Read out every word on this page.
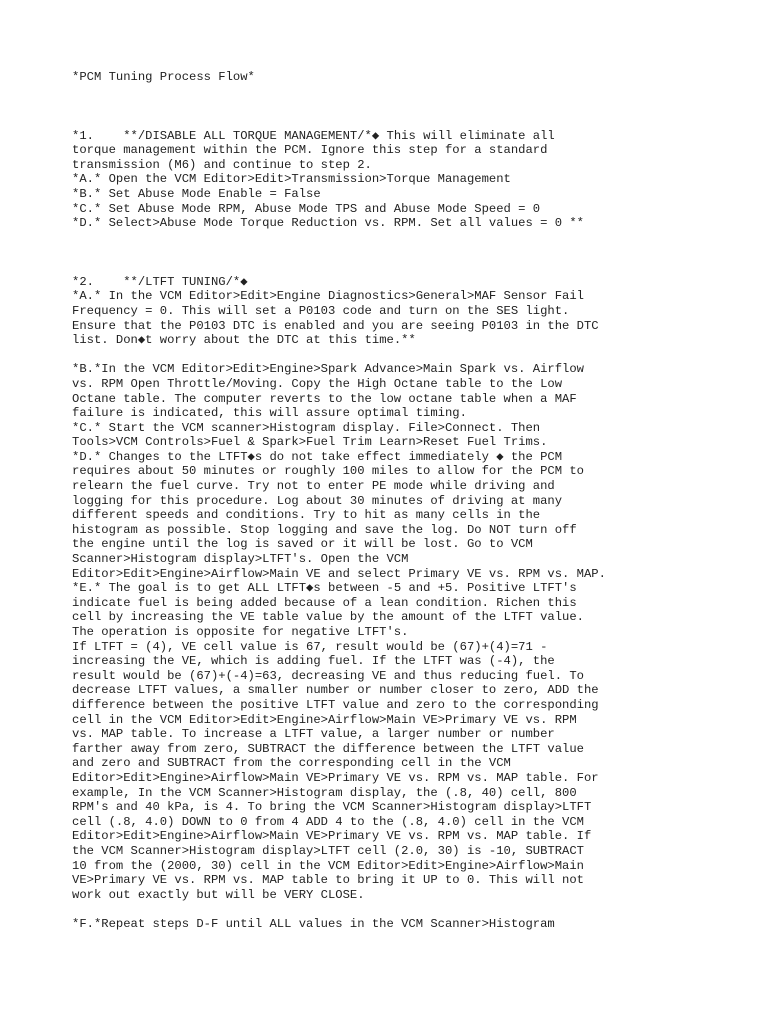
*PCM Tuning Process Flow*
*1.    **/DISABLE ALL TORQUE MANAGEMENT/*◆ This will eliminate all
torque management within the PCM. Ignore this step for a standard
transmission (M6) and continue to step 2.
*A.* Open the VCM Editor>Edit>Transmission>Torque Management
*B.* Set Abuse Mode Enable = False
*C.* Set Abuse Mode RPM, Abuse Mode TPS and Abuse Mode Speed = 0
*D.* Select>Abuse Mode Torque Reduction vs. RPM. Set all values = 0 **
*2.    **/LTFT TUNING/*◆
*A.* In the VCM Editor>Edit>Engine Diagnostics>General>MAF Sensor Fail
Frequency = 0. This will set a P0103 code and turn on the SES light.
Ensure that the P0103 DTC is enabled and you are seeing P0103 in the DTC
list. Don◆t worry about the DTC at this time.**
*B.*In the VCM Editor>Edit>Engine>Spark Advance>Main Spark vs. Airflow
vs. RPM Open Throttle/Moving. Copy the High Octane table to the Low
Octane table. The computer reverts to the low octane table when a MAF
failure is indicated, this will assure optimal timing.
*C.* Start the VCM scanner>Histogram display. File>Connect. Then
Tools>VCM Controls>Fuel & Spark>Fuel Trim Learn>Reset Fuel Trims.
*D.* Changes to the LTFT◆s do not take effect immediately ◆ the PCM
requires about 50 minutes or roughly 100 miles to allow for the PCM to
relearn the fuel curve. Try not to enter PE mode while driving and
logging for this procedure. Log about 30 minutes of driving at many
different speeds and conditions. Try to hit as many cells in the
histogram as possible. Stop logging and save the log. Do NOT turn off
the engine until the log is saved or it will be lost. Go to VCM
Scanner>Histogram display>LTFT's. Open the VCM
Editor>Edit>Engine>Airflow>Main VE and select Primary VE vs. RPM vs. MAP.
*E.* The goal is to get ALL LTFT◆s between -5 and +5. Positive LTFT's
indicate fuel is being added because of a lean condition. Richen this
cell by increasing the VE table value by the amount of the LTFT value.
The operation is opposite for negative LTFT's.
If LTFT = (4), VE cell value is 67, result would be (67)+(4)=71 -
increasing the VE, which is adding fuel. If the LTFT was (-4), the
result would be (67)+(-4)=63, decreasing VE and thus reducing fuel. To
decrease LTFT values, a smaller number or number closer to zero, ADD the
difference between the positive LTFT value and zero to the corresponding
cell in the VCM Editor>Edit>Engine>Airflow>Main VE>Primary VE vs. RPM
vs. MAP table. To increase a LTFT value, a larger number or number
farther away from zero, SUBTRACT the difference between the LTFT value
and zero and SUBTRACT from the corresponding cell in the VCM
Editor>Edit>Engine>Airflow>Main VE>Primary VE vs. RPM vs. MAP table. For
example, In the VCM Scanner>Histogram display, the (.8, 40) cell, 800
RPM's and 40 kPa, is 4. To bring the VCM Scanner>Histogram display>LTFT
cell (.8, 4.0) DOWN to 0 from 4 ADD 4 to the (.8, 4.0) cell in the VCM
Editor>Edit>Engine>Airflow>Main VE>Primary VE vs. RPM vs. MAP table. If
the VCM Scanner>Histogram display>LTFT cell (2.0, 30) is -10, SUBTRACT
10 from the (2000, 30) cell in the VCM Editor>Edit>Engine>Airflow>Main
VE>Primary VE vs. RPM vs. MAP table to bring it UP to 0. This will not
work out exactly but will be VERY CLOSE.
*F.*Repeat steps D-F until ALL values in the VCM Scanner>Histogram
